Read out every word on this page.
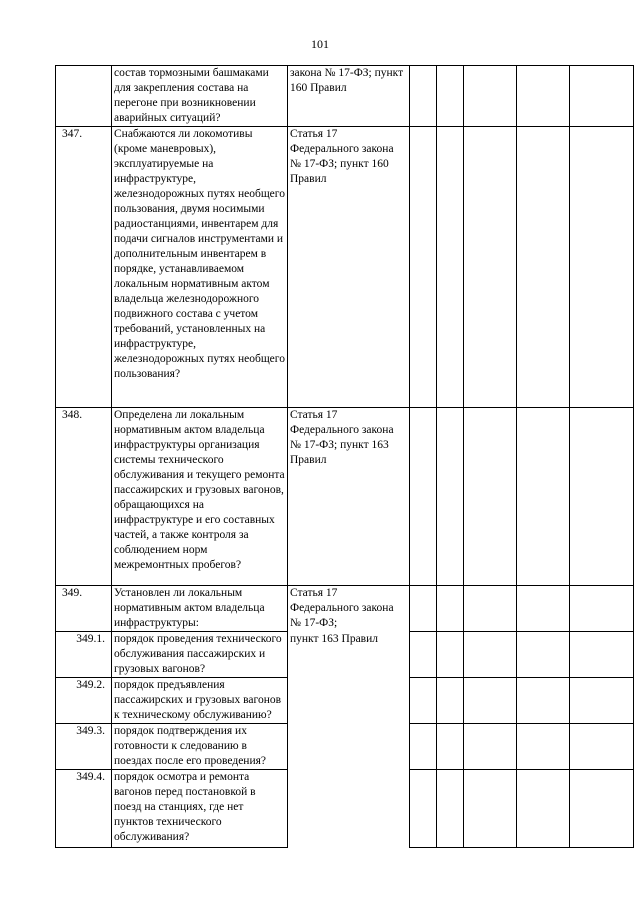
101
	состав тормозными башмаками для закрепления состава на перегоне при возникновении аварийных ситуаций?	закона № 17-ФЗ; пункт 160 Правил					
347.	Снабжаются ли локомотивы (кроме маневровых), эксплуатируемые на инфраструктуре, железнодорожных путях необщего пользования, двумя носимыми радиостанциями, инвентарем для подачи сигналов инструментами и дополнительным инвентарем в порядке, устанавливаемом локальным нормативным актом владельца железнодорожного подвижного состава с учетом требований, установленных на инфраструктуре, железнодорожных путях необщего пользования?	Статья 17 Федерального закона № 17-ФЗ; пункт 160 Правил					
348.	Определена ли локальным нормативным актом владельца инфраструктуры организация системы технического обслуживания и текущего ремонта пассажирских и грузовых вагонов, обращающихся на инфраструктуре и его составных частей, а также контроля за соблюдением норм межремонтных пробегов?	Статья 17 Федерального закона № 17-ФЗ; пункт 163 Правил					
349.	Установлен ли локальным нормативным актом владельца инфраструктуры:	Статья 17 Федерального закона № 17-ФЗ;					
349.1.	порядок проведения технического обслуживания пассажирских и грузовых вагонов?	пункт 163 Правил					
349.2.	порядок предъявления пассажирских и грузовых вагонов к техническому обслуживанию?						
349.3.	порядок подтверждения их готовности к следованию в поездах после его проведения?						
349.4.	порядок осмотра и ремонта вагонов перед постановкой в поезд на станциях, где нет пунктов технического обслуживания?						
